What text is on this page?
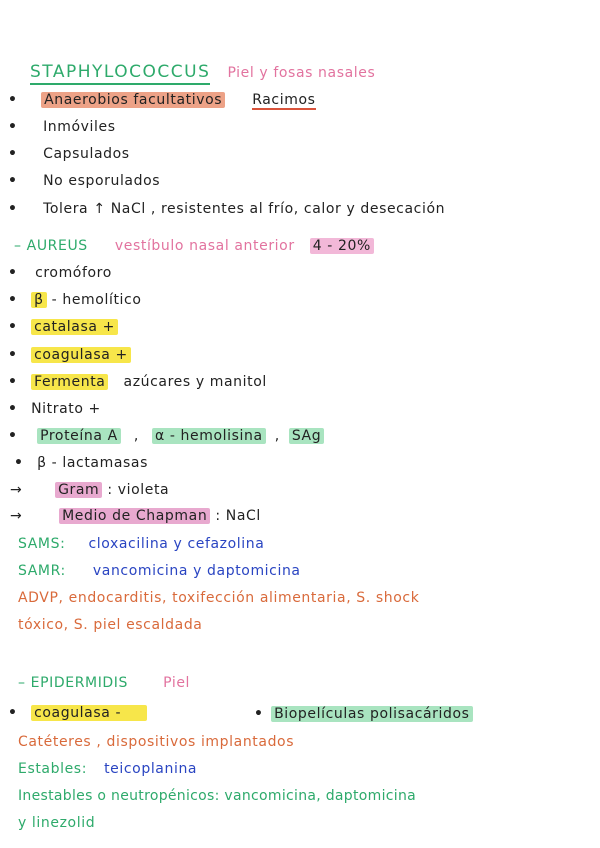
STAPHYLOCOCCUS Piel y fosas nasales
• Anaerobios facultativos Racimos
• Inmóviles
• Capsulados
• No esporulados
• Tolera ↑ NaCl , resistentes al frío, calor y desecación
– AUREUS vestíbulo nasal anterior 4 - 20%
• cromóforo
• β - hemolítico
• catalasa +
• coagulasa +
• Fermenta azúcares y manitol
• Nitrato +
• Proteína A , α - hemolisina , SAg
• β - lactamasas
→	Gram : violeta
→	Medio de Chapman : NaCl
SAMS: cloxacilina y cefazolina
SAMR: vancomicina y daptomicina
ADVP, endocarditis, toxifección alimentaria, S. shock
tóxico, S. piel escaldada
– EPIDERMIDIS	Piel
• coagulasa -	• Biopelículas polisacáridos
Catéteres , dispositivos implantados
Estables: teicoplanina
Inestables o neutropénicos: vancomicina, daptomicina
y linezolid
